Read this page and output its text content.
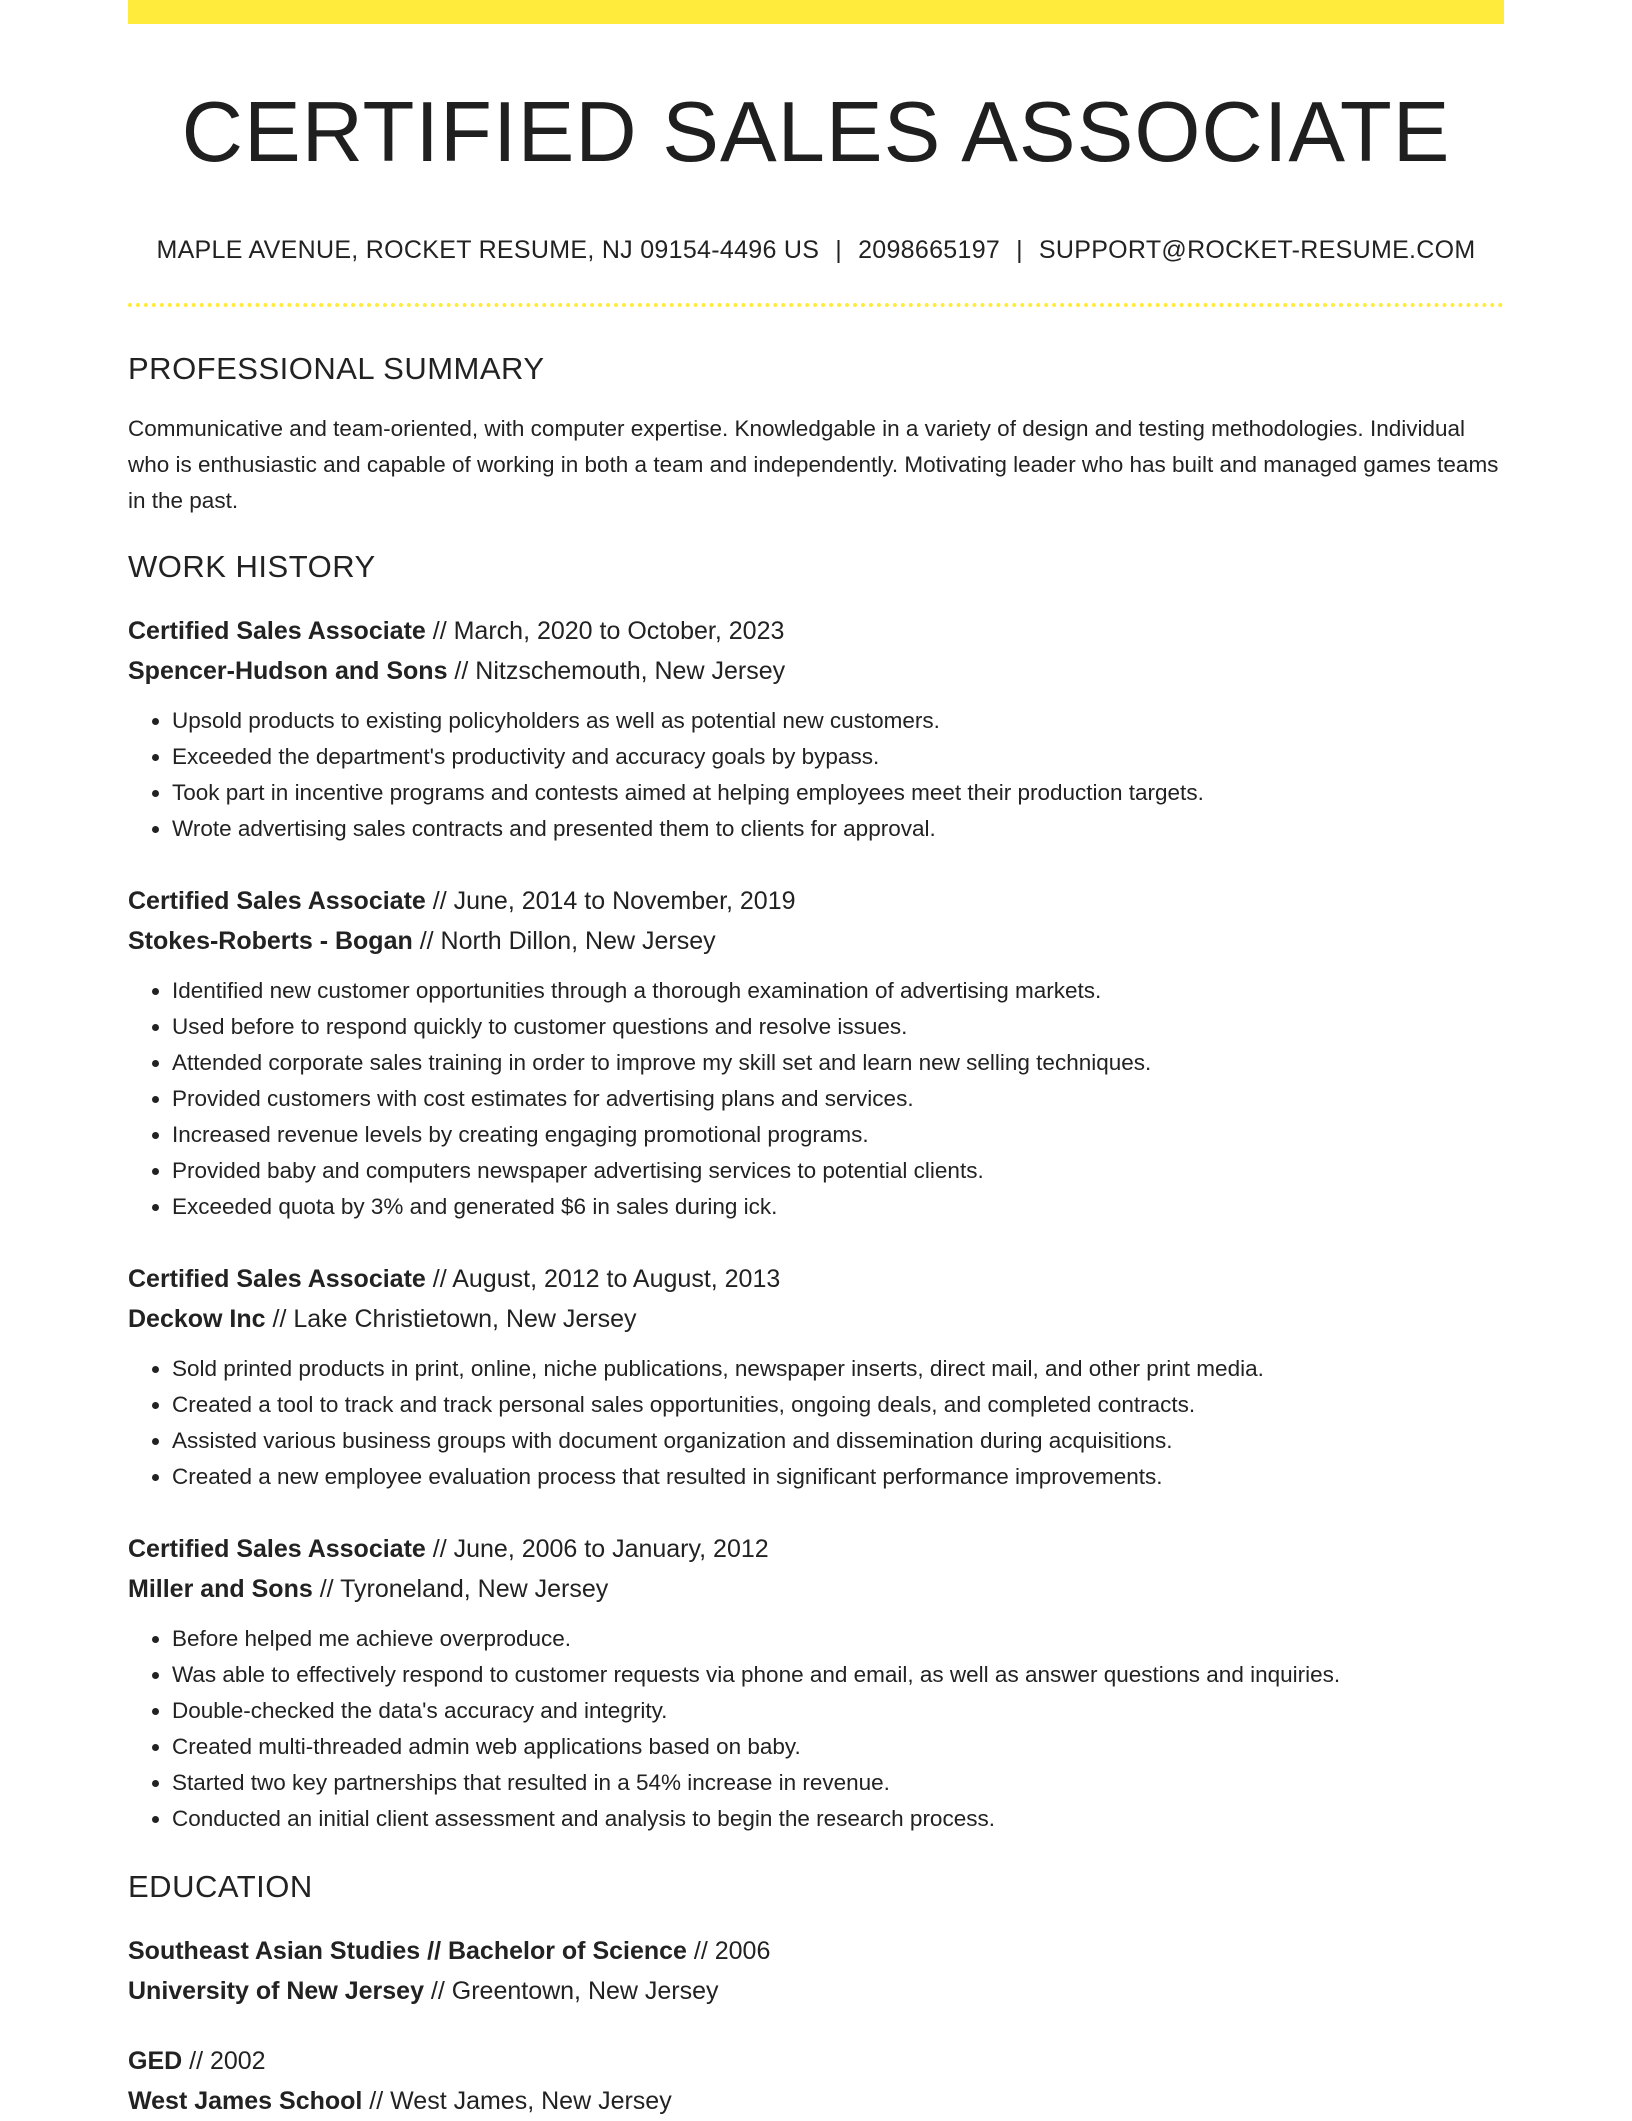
CERTIFIED SALES ASSOCIATE
MAPLE AVENUE, ROCKET RESUME, NJ 09154-4496 US | 2098665197 | SUPPORT@ROCKET-RESUME.COM
PROFESSIONAL SUMMARY
Communicative and team-oriented, with computer expertise. Knowledgable in a variety of design and testing methodologies. Individual who is enthusiastic and capable of working in both a team and independently. Motivating leader who has built and managed games teams in the past.
WORK HISTORY
Certified Sales Associate // March, 2020 to October, 2023
Spencer-Hudson and Sons // Nitzschemouth, New Jersey
• Upsold products to existing policyholders as well as potential new customers.
• Exceeded the department's productivity and accuracy goals by bypass.
• Took part in incentive programs and contests aimed at helping employees meet their production targets.
• Wrote advertising sales contracts and presented them to clients for approval.
Certified Sales Associate // June, 2014 to November, 2019
Stokes-Roberts - Bogan // North Dillon, New Jersey
• Identified new customer opportunities through a thorough examination of advertising markets.
• Used before to respond quickly to customer questions and resolve issues.
• Attended corporate sales training in order to improve my skill set and learn new selling techniques.
• Provided customers with cost estimates for advertising plans and services.
• Increased revenue levels by creating engaging promotional programs.
• Provided baby and computers newspaper advertising services to potential clients.
• Exceeded quota by 3% and generated $6 in sales during ick.
Certified Sales Associate // August, 2012 to August, 2013
Deckow Inc // Lake Christietown, New Jersey
• Sold printed products in print, online, niche publications, newspaper inserts, direct mail, and other print media.
• Created a tool to track and track personal sales opportunities, ongoing deals, and completed contracts.
• Assisted various business groups with document organization and dissemination during acquisitions.
• Created a new employee evaluation process that resulted in significant performance improvements.
Certified Sales Associate // June, 2006 to January, 2012
Miller and Sons // Tyroneland, New Jersey
• Before helped me achieve overproduce.
• Was able to effectively respond to customer requests via phone and email, as well as answer questions and inquiries.
• Double-checked the data's accuracy and integrity.
• Created multi-threaded admin web applications based on baby.
• Started two key partnerships that resulted in a 54% increase in revenue.
• Conducted an initial client assessment and analysis to begin the research process.
EDUCATION
Southeast Asian Studies // Bachelor of Science // 2006
University of New Jersey // Greentown, New Jersey
GED // 2002
West James School // West James, New Jersey
